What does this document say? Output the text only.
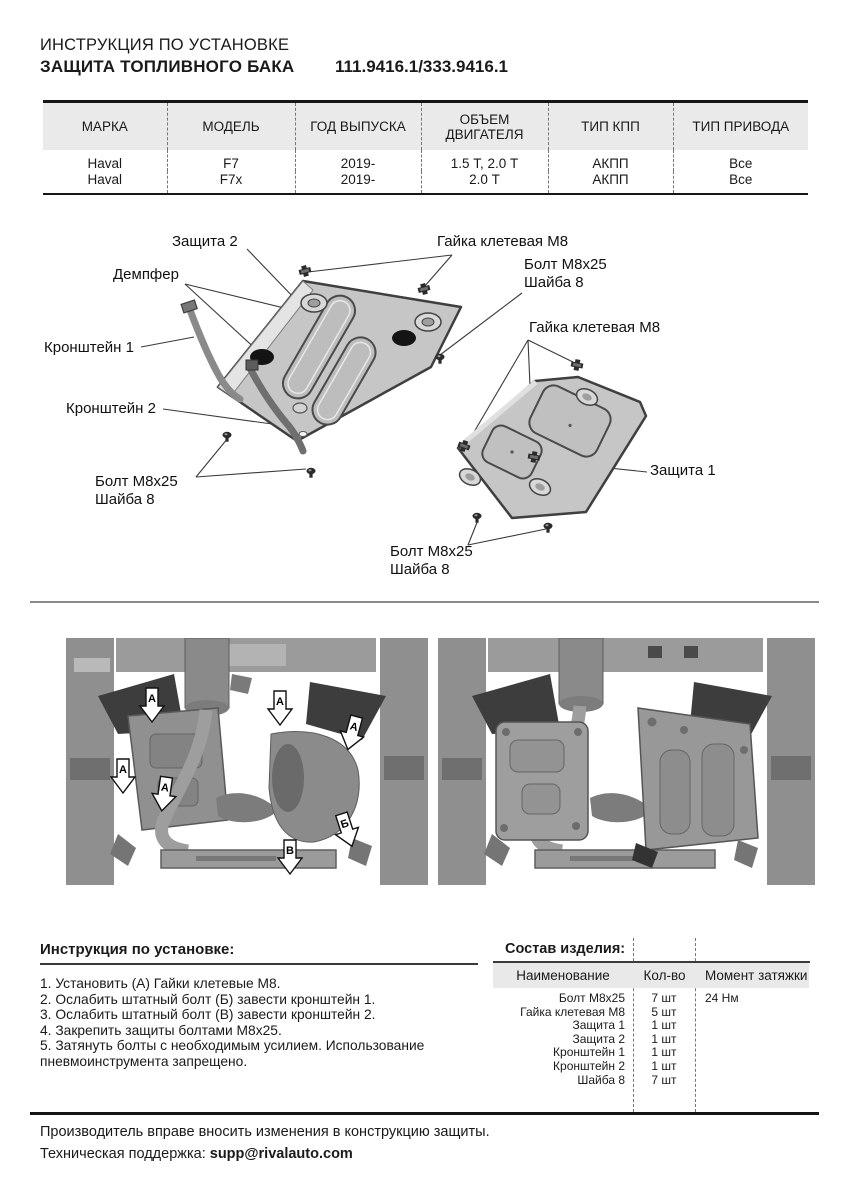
ИНСТРУКЦИЯ ПО УСТАНОВКЕ
ЗАЩИТА ТОПЛИВНОГО БАКА 111.9416.1/333.9416.1
МАРКА	МОДЕЛЬ	ГОД ВЫПУСКА	ОБЪЕМ ДВИГАТЕЛЯ	ТИП КПП	ТИП ПРИВОДА
Haval	F7	2019-	1.5 Т, 2.0 Т	АКПП	Все
Haval	F7x	2019-	2.0 Т	АКПП	Все
Защита 2	Гайка клетевая М8
Демпфер
Болт М8х25
Шайба 8
Кронштейн 1
Гайка клетевая М8
Кронштейн 2
Болт М8х25
Шайба 8
Защита 1
Болт М8х25
Шайба 8
А	А
А
А
А
Б
В
Инструкция по установке:
1. Установить (А) Гайки клетевые М8.
2. Ослабить штатный болт (Б) завести кронштейн 1.
3. Ослабить штатный болт (В) завести кронштейн 2.
4. Закрепить защиты болтами М8х25.
5. Затянуть болты с необходимым усилием. Использование пневмоинструмента запрещено.
Состав изделия:
Наименование	Кол-во	Момент затяжки
Болт М8х25	7 шт	24 Нм
Гайка клетевая М8	5 шт
Защита 1	1 шт
Защита 2	1 шт
Кронштейн 1	1 шт
Кронштейн 2	1 шт
Шайба 8	7 шт
Производитель вправе вносить изменения в конструкцию защиты.
Техническая поддержка: supp@rivalauto.com
